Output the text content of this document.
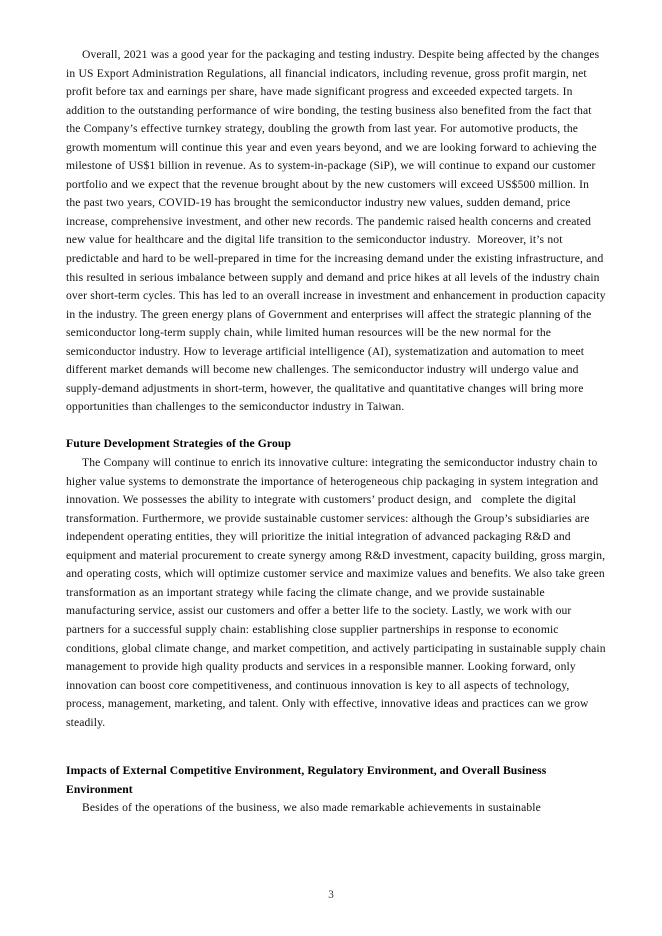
Overall, 2021 was a good year for the packaging and testing industry. Despite being affected by the changes in US Export Administration Regulations, all financial indicators, including revenue, gross profit margin, net profit before tax and earnings per share, have made significant progress and exceeded expected targets. In addition to the outstanding performance of wire bonding, the testing business also benefited from the fact that the Company’s effective turnkey strategy, doubling the growth from last year. For automotive products, the growth momentum will continue this year and even years beyond, and we are looking forward to achieving the milestone of US$1 billion in revenue. As to system-in-package (SiP), we will continue to expand our customer portfolio and we expect that the revenue brought about by the new customers will exceed US$500 million. In the past two years, COVID-19 has brought the semiconductor industry new values, sudden demand, price increase, comprehensive investment, and other new records. The pandemic raised health concerns and created new value for healthcare and the digital life transition to the semiconductor industry.  Moreover, it’s not predictable and hard to be well-prepared in time for the increasing demand under the existing infrastructure, and this resulted in serious imbalance between supply and demand and price hikes at all levels of the industry chain over short-term cycles. This has led to an overall increase in investment and enhancement in production capacity in the industry. The green energy plans of Government and enterprises will affect the strategic planning of the semiconductor long-term supply chain, while limited human resources will be the new normal for the semiconductor industry. How to leverage artificial intelligence (AI), systematization and automation to meet different market demands will become new challenges. The semiconductor industry will undergo value and supply-demand adjustments in short-term, however, the qualitative and quantitative changes will bring more opportunities than challenges to the semiconductor industry in Taiwan.

Future Development Strategies of the Group

The Company will continue to enrich its innovative culture: integrating the semiconductor industry chain to higher value systems to demonstrate the importance of heterogeneous chip packaging in system integration and innovation. We possesses the ability to integrate with customers’ product design, and   complete the digital transformation. Furthermore, we provide sustainable customer services: although the Group’s subsidiaries are independent operating entities, they will prioritize the initial integration of advanced packaging R&D and equipment and material procurement to create synergy among R&D investment, capacity building, gross margin, and operating costs, which will optimize customer service and maximize values and benefits. We also take green transformation as an important strategy while facing the climate change, and we provide sustainable manufacturing service, assist our customers and offer a better life to the society. Lastly, we work with our partners for a successful supply chain: establishing close supplier partnerships in response to economic conditions, global climate change, and market competition, and actively participating in sustainable supply chain management to provide high quality products and services in a responsible manner. Looking forward, only innovation can boost core competitiveness, and continuous innovation is key to all aspects of technology, process, management, marketing, and talent. Only with effective, innovative ideas and practices can we grow steadily.

Impacts of External Competitive Environment, Regulatory Environment, and Overall Business Environment

Besides of the operations of the business, we also made remarkable achievements in sustainable

3
